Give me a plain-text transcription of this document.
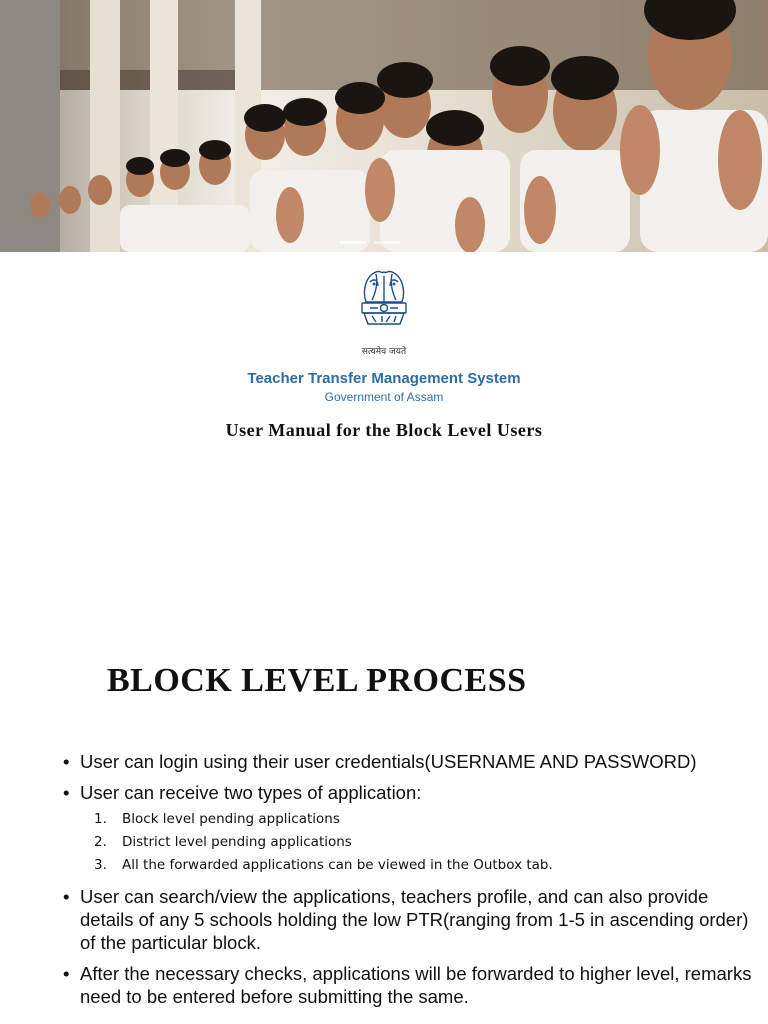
सत्यमेव जयते
Teacher Transfer Management System
Government of Assam
User Manual for the Block Level Users
BLOCK LEVEL PROCESS
• User can login using their user credentials(USERNAME AND PASSWORD)
• User can receive two types of application:
1. Block level pending applications
2. District level pending applications
3. All the forwarded applications can be viewed in the Outbox tab.
• User can search/view the applications, teachers profile, and can also provide details of any 5 schools holding the low PTR(ranging from 1-5 in ascending order) of the particular block.
• After the necessary checks, applications will be forwarded to higher level, remarks need to be entered before submitting the same.
